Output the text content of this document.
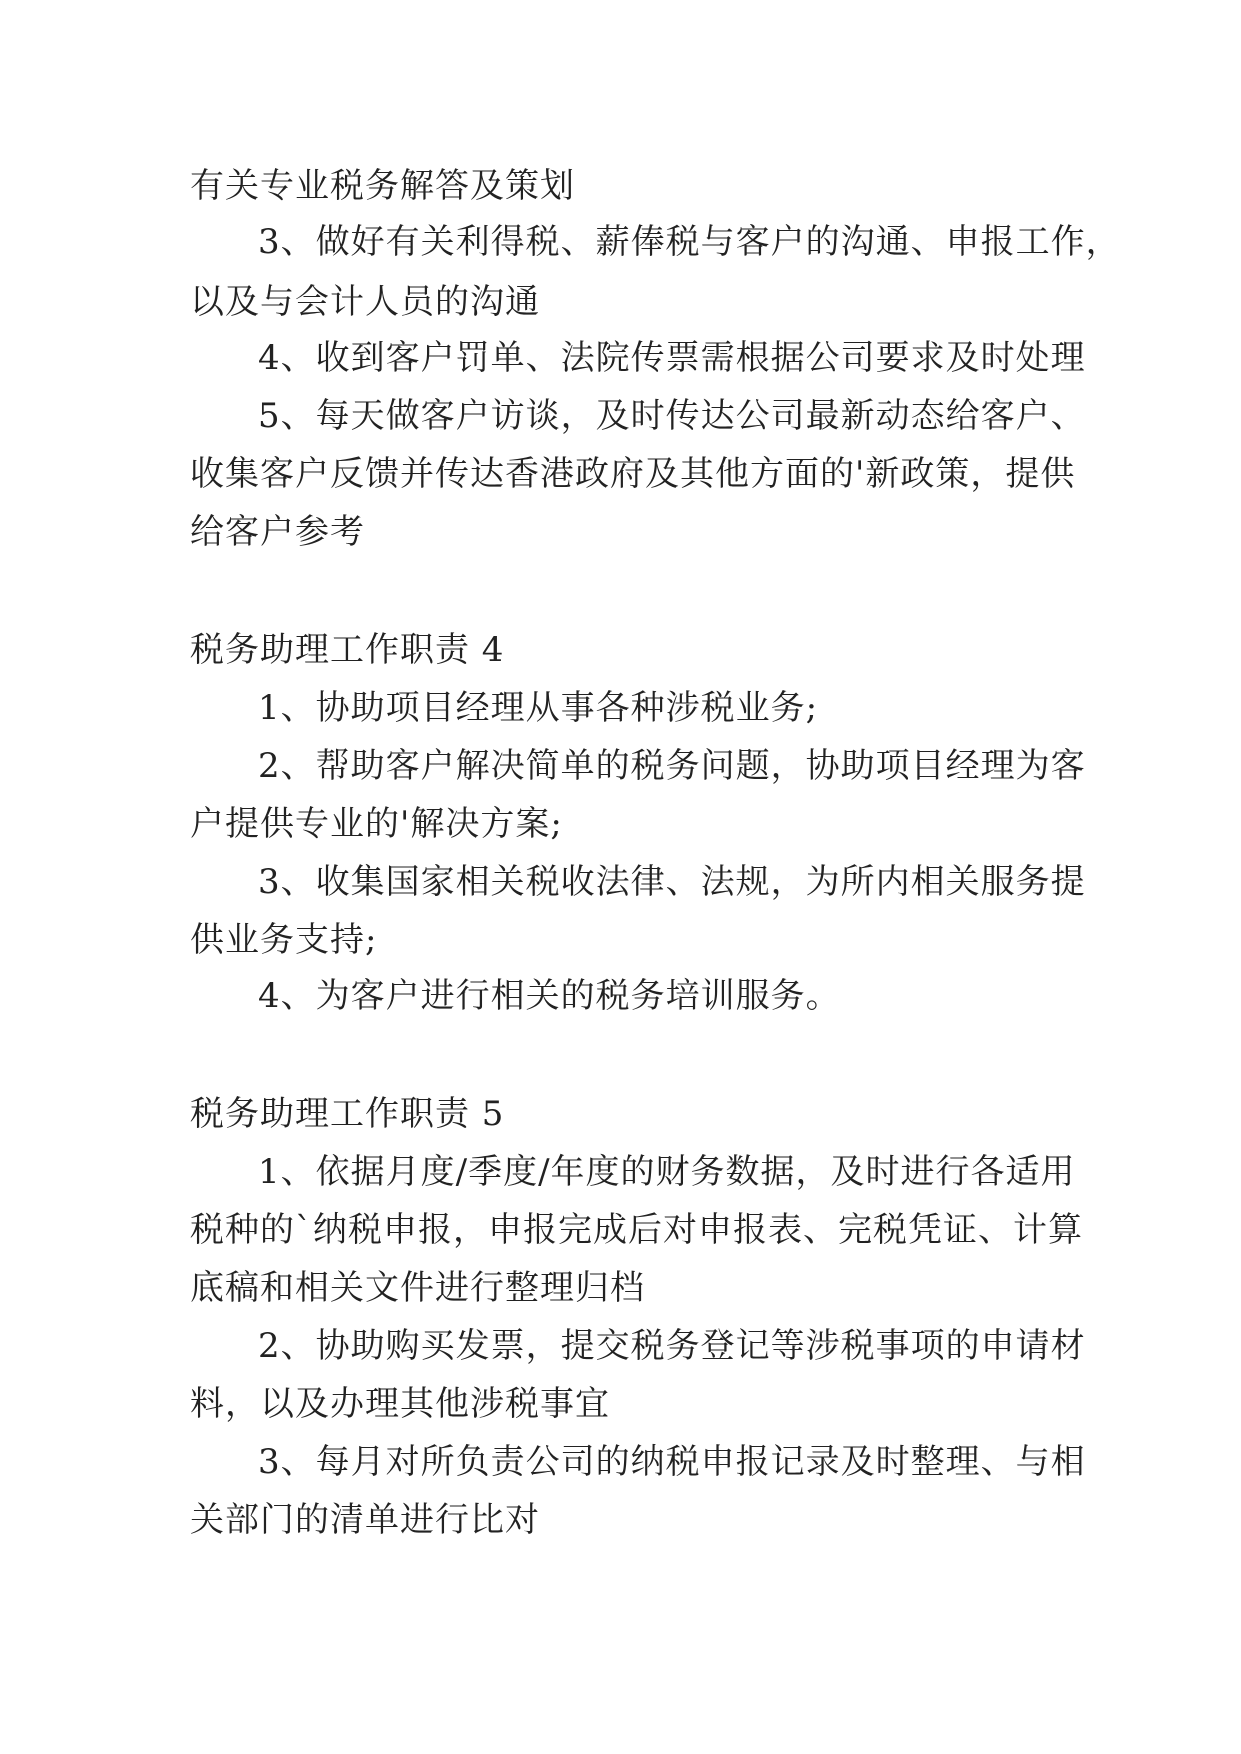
有关专业税务解答及策划
3、做好有关利得税、薪俸税与客户的沟通、申报工作，
以及与会计人员的沟通
4、收到客户罚单、法院传票需根据公司要求及时处理
5、每天做客户访谈，及时传达公司最新动态给客户、
收集客户反馈并传达香港政府及其他方面的'新政策，提供
给客户参考
税务助理工作职责 4
1、协助项目经理从事各种涉税业务;
2、帮助客户解决简单的税务问题，协助项目经理为客
户提供专业的'解决方案;
3、收集国家相关税收法律、法规，为所内相关服务提
供业务支持;
4、为客户进行相关的税务培训服务。
税务助理工作职责 5
1、依据月度/季度/年度的财务数据，及时进行各适用
税种的`纳税申报，申报完成后对申报表、完税凭证、计算
底稿和相关文件进行整理归档
2、协助购买发票，提交税务登记等涉税事项的申请材
料，以及办理其他涉税事宜
3、每月对所负责公司的纳税申报记录及时整理、与相
关部门的清单进行比对
